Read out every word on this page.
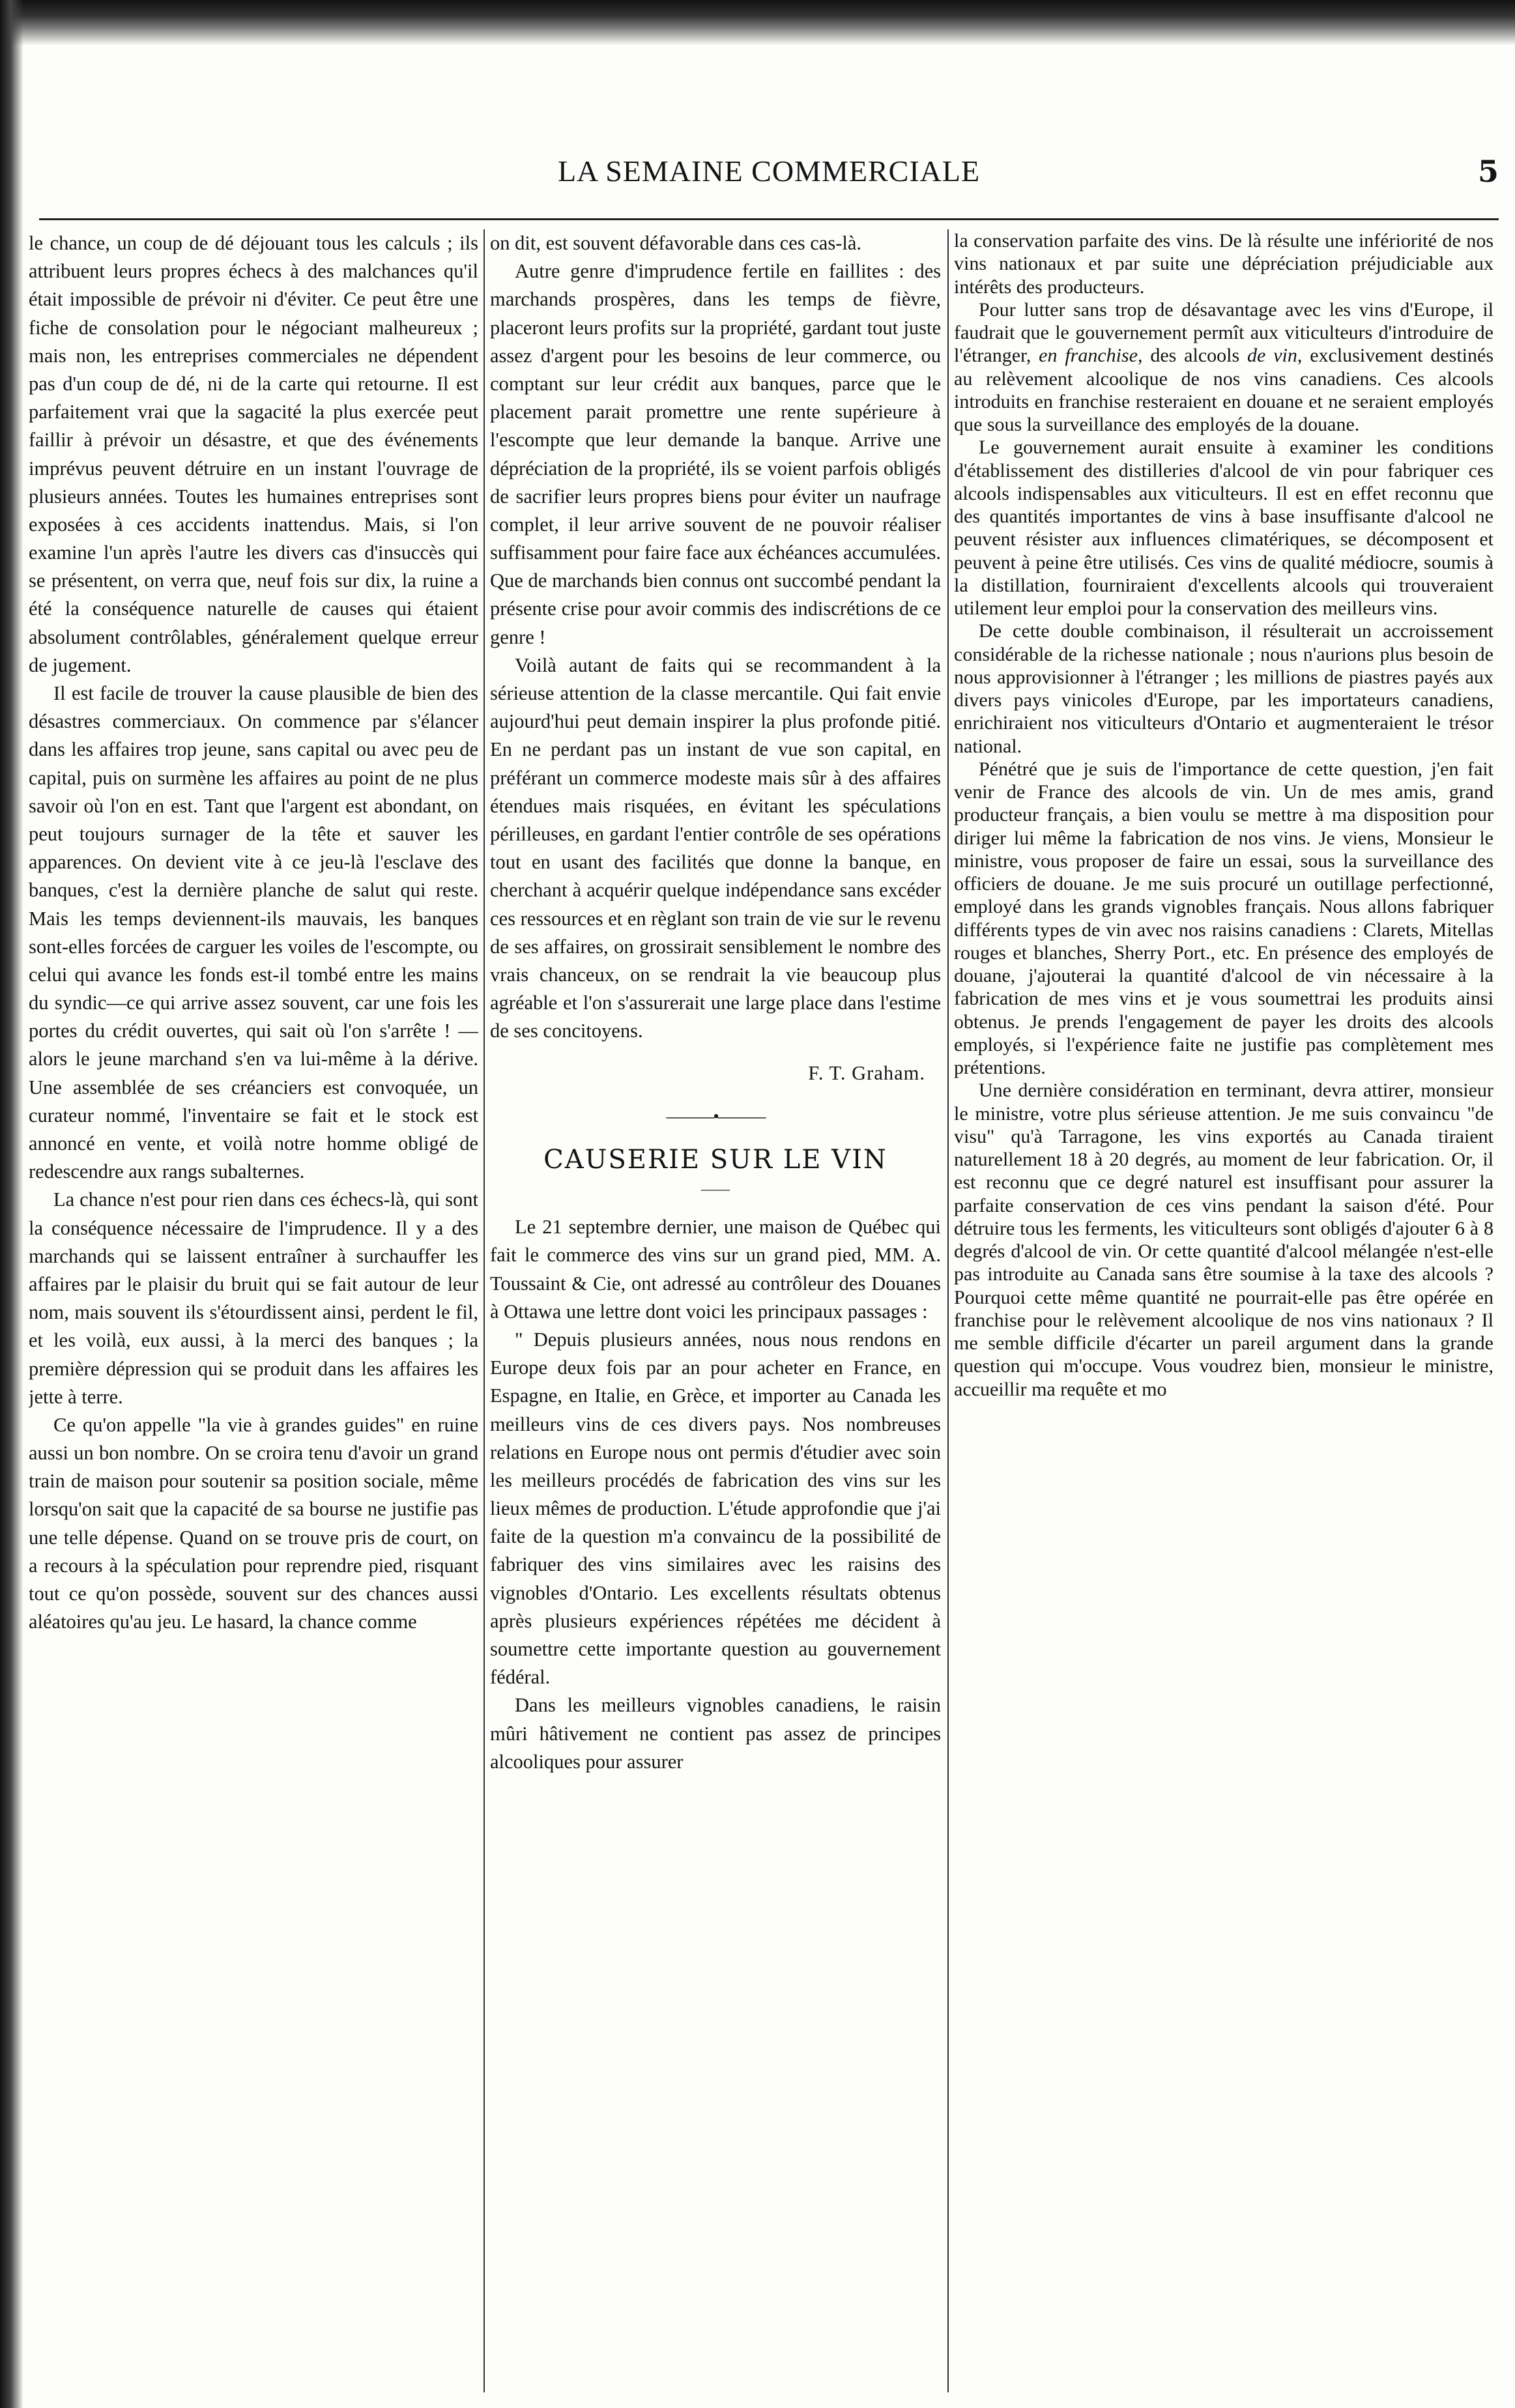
LA SEMAINE COMMERCIALE	5

le chance, un coup de dé déjouant tous les calculs ; ils attribuent leurs propres échecs à des malchances qu'il était impossible de prévoir ni d'éviter. Ce peut être une fiche de consolation pour le négociant malheureux ; mais non, les entreprises commerciales ne dépendent pas d'un coup de dé, ni de la carte qui retourne. Il est parfaitement vrai que la sagacité la plus exercée peut faillir à prévoir un désastre, et que des événements imprévus peuvent détruire en un instant l'ouvrage de plusieurs années. Toutes les humaines entreprises sont exposées à ces accidents inattendus. Mais, si l'on examine l'un après l'autre les divers cas d'insuccès qui se présentent, on verra que, neuf fois sur dix, la ruine a été la conséquence naturelle de causes qui étaient absolument contrôlables, généralement quelque erreur de jugement.

Il est facile de trouver la cause plausible de bien des désastres commerciaux. On commence par s'élancer dans les affaires trop jeune, sans capital ou avec peu de capital, puis on surmène les affaires au point de ne plus savoir où l'on en est. Tant que l'argent est abondant, on peut toujours surnager de la tête et sauver les apparences. On devient vite à ce jeu-là l'esclave des banques, c'est la dernière planche de salut qui reste. Mais les temps deviennent-ils mauvais, les banques sont-elles forcées de carguer les voiles de l'escompte, ou celui qui avance les fonds est-il tombé entre les mains du syndic—ce qui arrive assez souvent, car une fois les portes du crédit ouvertes, qui sait où l'on s'arrête ! —alors le jeune marchand s'en va lui-même à la dérive. Une assemblée de ses créanciers est convoquée, un curateur nommé, l'inventaire se fait et le stock est annoncé en vente, et voilà notre homme obligé de redescendre aux rangs subalternes.

La chance n'est pour rien dans ces échecs-là, qui sont la conséquence nécessaire de l'imprudence. Il y a des marchands qui se laissent entraîner à surchauffer les affaires par le plaisir du bruit qui se fait autour de leur nom, mais souvent ils s'étourdissent ainsi, perdent le fil, et les voilà, eux aussi, à la merci des banques ; la première dépression qui se produit dans les affaires les jette à terre.

Ce qu'on appelle "la vie à grandes guides" en ruine aussi un bon nombre. On se croira tenu d'avoir un grand train de maison pour soutenir sa position sociale, même lorsqu'on sait que la capacité de sa bourse ne justifie pas une telle dépense. Quand on se trouve pris de court, on a recours à la spéculation pour reprendre pied, risquant tout ce qu'on possède, souvent sur des chances aussi aléatoires qu'au jeu. Le hasard, la chance comme

on dit, est souvent défavorable dans ces cas-là.

Autre genre d'imprudence fertile en faillites : des marchands prospères, dans les temps de fièvre, placeront leurs profits sur la propriété, gardant tout juste assez d'argent pour les besoins de leur commerce, ou comptant sur leur crédit aux banques, parce que le placement parait promettre une rente supérieure à l'escompte que leur demande la banque. Arrive une dépréciation de la propriété, ils se voient parfois obligés de sacrifier leurs propres biens pour éviter un naufrage complet, il leur arrive souvent de ne pouvoir réaliser suffisamment pour faire face aux échéances accumulées. Que de marchands bien connus ont succombé pendant la présente crise pour avoir commis des indiscrétions de ce genre !

Voilà autant de faits qui se recommandent à la sérieuse attention de la classe mercantile. Qui fait envie aujourd'hui peut demain inspirer la plus profonde pitié. En ne perdant pas un instant de vue son capital, en préférant un commerce modeste mais sûr à des affaires étendues mais risquées, en évitant les spéculations périlleuses, en gardant l'entier contrôle de ses opérations tout en usant des facilités que donne la banque, en cherchant à acquérir quelque indépendance sans excéder ces ressources et en règlant son train de vie sur le revenu de ses affaires, on grossirait sensiblement le nombre des vrais chanceux, on se rendrait la vie beaucoup plus agréable et l'on s'assurerait une large place dans l'estime de ses concitoyens.

F. T. Graham.

———•———
CAUSERIE SUR LE VIN
——

Le 21 septembre dernier, une maison de Québec qui fait le commerce des vins sur un grand pied, MM. A. Toussaint & Cie, ont adressé au contrôleur des Douanes à Ottawa une lettre dont voici les principaux passages :

" Depuis plusieurs années, nous nous rendons en Europe deux fois par an pour acheter en France, en Espagne, en Italie, en Grèce, et importer au Canada les meilleurs vins de ces divers pays. Nos nombreuses relations en Europe nous ont permis d'étudier avec soin les meilleurs procédés de fabrication des vins sur les lieux mêmes de production. L'étude approfondie que j'ai faite de la question m'a convaincu de la possibilité de fabriquer des vins similaires avec les raisins des vignobles d'Ontario. Les excellents résultats obtenus après plusieurs expériences répétées me décident à soumettre cette importante question au gouvernement fédéral.

Dans les meilleurs vignobles canadiens, le raisin mûri hâtivement ne contient pas assez de principes alcooliques pour assurer

la conservation parfaite des vins. De là résulte une infériorité de nos vins nationaux et par suite une dépréciation préjudiciable aux intérêts des producteurs.

Pour lutter sans trop de désavantage avec les vins d'Europe, il faudrait que le gouvernement permît aux viticulteurs d'introduire de l'étranger, en franchise, des alcools de vin, exclusivement destinés au relèvement alcoolique de nos vins canadiens. Ces alcools introduits en franchise resteraient en douane et ne seraient employés que sous la surveillance des employés de la douane.

Le gouvernement aurait ensuite à examiner les conditions d'établissement des distilleries d'alcool de vin pour fabriquer ces alcools indispensables aux viticulteurs. Il est en effet reconnu que des quantités importantes de vins à base insuffisante d'alcool ne peuvent résister aux influences climatériques, se décomposent et peuvent à peine être utilisés. Ces vins de qualité médiocre, soumis à la distillation, fourniraient d'excellents alcools qui trouveraient utilement leur emploi pour la conservation des meilleurs vins.

De cette double combinaison, il résulterait un accroissement considérable de la richesse nationale ; nous n'aurions plus besoin de nous approvisionner à l'étranger ; les millions de piastres payés aux divers pays vinicoles d'Europe, par les importateurs canadiens, enrichiraient nos viticulteurs d'Ontario et augmenteraient le trésor national.

Pénétré que je suis de l'importance de cette question, j'en fait venir de France des alcools de vin. Un de mes amis, grand producteur français, a bien voulu se mettre à ma disposition pour diriger lui même la fabrication de nos vins. Je viens, Monsieur le ministre, vous proposer de faire un essai, sous la surveillance des officiers de douane. Je me suis procuré un outillage perfectionné, employé dans les grands vignobles français. Nous allons fabriquer différents types de vin avec nos raisins canadiens : Clarets, Mitellas rouges et blanches, Sherry Port., etc. En présence des employés de douane, j'ajouterai la quantité d'alcool de vin nécessaire à la fabrication de mes vins et je vous soumettrai les produits ainsi obtenus. Je prends l'engagement de payer les droits des alcools employés, si l'expérience faite ne justifie pas complètement mes prétentions.

Une dernière considération en terminant, devra attirer, monsieur le ministre, votre plus sérieuse attention. Je me suis convaincu "de visu" qu'à Tarragone, les vins exportés au Canada tiraient naturellement 18 à 20 degrés, au moment de leur fabrication. Or, il est reconnu que ce degré naturel est insuffisant pour assurer la parfaite conservation de ces vins pendant la saison d'été. Pour détruire tous les ferments, les viticulteurs sont obligés d'ajouter 6 à 8 degrés d'alcool de vin. Or cette quantité d'alcool mélangée n'est-elle pas introduite au Canada sans être soumise à la taxe des alcools ? Pourquoi cette même quantité ne pourrait-elle pas être opérée en franchise pour le relèvement alcoolique de nos vins nationaux ? Il me semble difficile d'écarter un pareil argument dans la grande question qui m'occupe. Vous voudrez bien, monsieur le ministre, accueillir ma requête et mo
